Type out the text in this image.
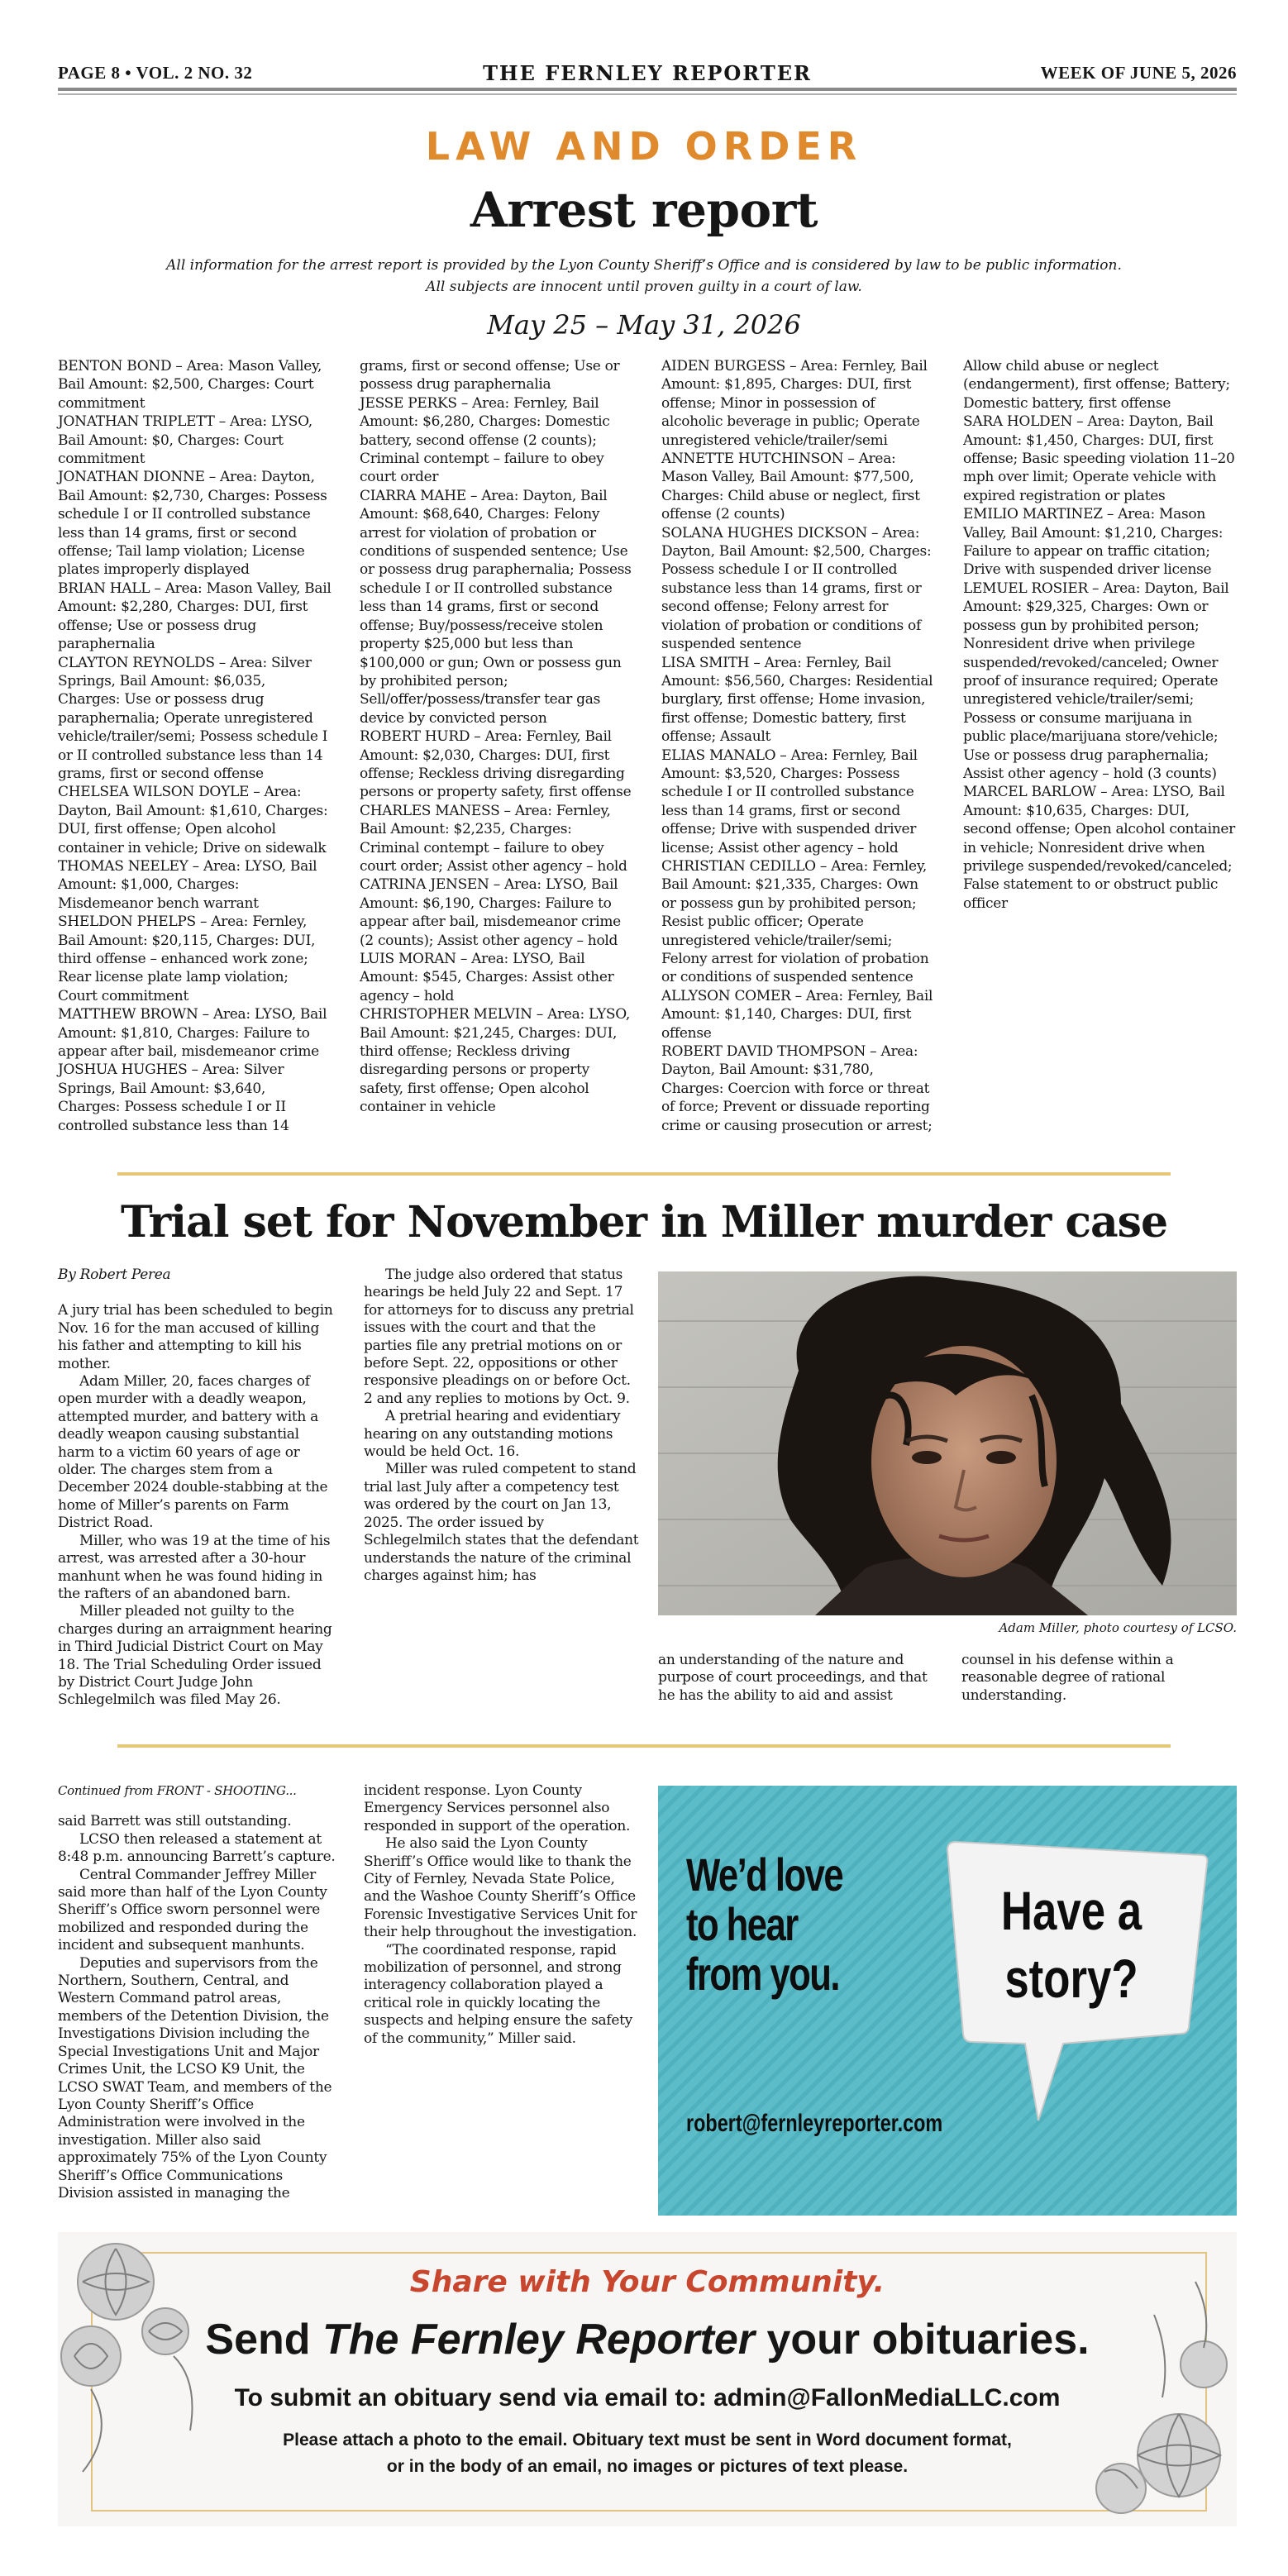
PAGE 8 • VOL. 2 NO. 32	THE FERNLEY REPORTER	WEEK OF JUNE 5, 2026
LAW AND ORDER
Arrest report
All information for the arrest report is provided by the Lyon County Sheriff’s Office and is considered by law to be public information.
All subjects are innocent until proven guilty in a court of law.
May 25 – May 31, 2026

BENTON BOND – Area: Mason Valley, Bail Amount: $2,500, Charges: Court commitment

JONATHAN TRIPLETT – Area: LYSO, Bail Amount: $0, Charges: Court commitment

JONATHAN DIONNE – Area: Dayton, Bail Amount: $2,730, Charges: Possess schedule I or II controlled substance less than 14 grams, first or second offense; Tail lamp violation; License plates improperly displayed

BRIAN HALL – Area: Mason Valley, Bail Amount: $2,280, Charges: DUI, first offense; Use or possess drug paraphernalia

CLAYTON REYNOLDS – Area: Silver Springs, Bail Amount: $6,035, Charges: Use or possess drug paraphernalia; Operate unregistered vehicle/trailer/semi; Possess schedule I or II controlled substance less than 14 grams, first or second offense

CHELSEA WILSON DOYLE – Area: Dayton, Bail Amount: $1,610, Charges: DUI, first offense; Open alcohol container in vehicle; Drive on sidewalk

THOMAS NEELEY – Area: LYSO, Bail Amount: $1,000, Charges: Misdemeanor bench warrant

SHELDON PHELPS – Area: Fernley, Bail Amount: $20,115, Charges: DUI, third offense – enhanced work zone; Rear license plate lamp violation; Court commitment

MATTHEW BROWN – Area: LYSO, Bail Amount: $1,810, Charges: Failure to appear after bail, misdemeanor crime

JOSHUA HUGHES – Area: Silver Springs, Bail Amount: $3,640, Charges: Possess schedule I or II controlled substance less than 14 grams, first or second offense; Use or possess drug paraphernalia

JESSE PERKS – Area: Fernley, Bail Amount: $6,280, Charges: Domestic battery, second offense (2 counts); Criminal contempt – failure to obey court order

CIARRA MAHE – Area: Dayton, Bail Amount: $68,640, Charges: Felony arrest for violation of probation or conditions of suspended sentence; Use or possess drug paraphernalia; Possess schedule I or II controlled substance less than 14 grams, first or second offense; Buy/possess/receive stolen property $25,000 but less than $100,000 or gun; Own or possess gun by prohibited person; Sell/offer/possess/transfer tear gas device by convicted person

ROBERT HURD – Area: Fernley, Bail Amount: $2,030, Charges: DUI, first offense; Reckless driving disregarding persons or property safety, first offense

CHARLES MANESS – Area: Fernley, Bail Amount: $2,235, Charges: Criminal contempt – failure to obey court order; Assist other agency – hold

CATRINA JENSEN – Area: LYSO, Bail Amount: $6,190, Charges: Failure to appear after bail, misdemeanor crime (2 counts); Assist other agency – hold

LUIS MORAN – Area: LYSO, Bail Amount: $545, Charges: Assist other agency – hold

CHRISTOPHER MELVIN – Area: LYSO, Bail Amount: $21,245, Charges: DUI, third offense; Reckless driving disregarding persons or property safety, first offense; Open alcohol container in vehicle

AIDEN BURGESS – Area: Fernley, Bail Amount: $1,895, Charges: DUI, first offense; Minor in possession of alcoholic beverage in public; Operate unregistered vehicle/trailer/semi

ANNETTE HUTCHINSON – Area: Mason Valley, Bail Amount: $77,500, Charges: Child abuse or neglect, first offense (2 counts)

SOLANA HUGHES DICKSON – Area: Dayton, Bail Amount: $2,500, Charges: Possess schedule I or II controlled substance less than 14 grams, first or second offense; Felony arrest for violation of probation or conditions of suspended sentence

LISA SMITH – Area: Fernley, Bail Amount: $56,560, Charges: Residential burglary, first offense; Home invasion, first offense; Domestic battery, first offense; Assault

ELIAS MANALO – Area: Fernley, Bail Amount: $3,520, Charges: Possess schedule I or II controlled substance less than 14 grams, first or second offense; Drive with suspended driver license; Assist other agency – hold

CHRISTIAN CEDILLO – Area: Fernley, Bail Amount: $21,335, Charges: Own or possess gun by prohibited person; Resist public officer; Operate unregistered vehicle/trailer/semi; Felony arrest for violation of probation or conditions of suspended sentence

ALLYSON COMER – Area: Fernley, Bail Amount: $1,140, Charges: DUI, first offense

ROBERT DAVID THOMPSON – Area: Dayton, Bail Amount: $31,780, Charges: Coercion with force or threat of force; Prevent or dissuade reporting crime or causing prosecution or arrest; Allow child abuse or neglect (endangerment), first offense; Battery; Domestic battery, first offense

SARA HOLDEN – Area: Dayton, Bail Amount: $1,450, Charges: DUI, first offense; Basic speeding violation 11–20 mph over limit; Operate vehicle with expired registration or plates

EMILIO MARTINEZ – Area: Mason Valley, Bail Amount: $1,210, Charges: Failure to appear on traffic citation; Drive with suspended driver license

LEMUEL ROSIER – Area: Dayton, Bail Amount: $29,325, Charges: Own or possess gun by prohibited person; Nonresident drive when privilege suspended/revoked/canceled; Owner proof of insurance required; Operate unregistered vehicle/trailer/semi; Possess or consume marijuana in public place/marijuana store/vehicle; Use or possess drug paraphernalia; Assist other agency – hold (3 counts)

MARCEL BARLOW – Area: LYSO, Bail Amount: $10,635, Charges: DUI, second offense; Open alcohol container in vehicle; Nonresident drive when privilege suspended/revoked/canceled; False statement to or obstruct public officer

Trial set for November in Miller murder case

By Robert Perea

A jury trial has been scheduled to begin Nov. 16 for the man accused of killing his father and attempting to kill his mother.

Adam Miller, 20, faces charges of open murder with a deadly weapon, attempted murder, and battery with a deadly weapon causing substantial harm to a victim 60 years of age or older. The charges stem from a December 2024 double-stabbing at the home of Miller’s parents on Farm District Road.

Miller, who was 19 at the time of his arrest, was arrested after a 30-hour manhunt when he was found hiding in the rafters of an abandoned barn.

Miller pleaded not guilty to the charges during an arraignment hearing in Third Judicial District Court on May 18. The Trial Scheduling Order issued by District Court Judge John Schlegelmilch was filed May 26.

The judge also ordered that status hearings be held July 22 and Sept. 17 for attorneys for to discuss any pretrial issues with the court and that the parties file any pretrial motions on or before Sept. 22, oppositions or other responsive pleadings on or before Oct. 2 and any replies to motions by Oct. 9.

A pretrial hearing and evidentiary hearing on any outstanding motions would be held Oct. 16.

Miller was ruled competent to stand trial last July after a competency test was ordered by the court on Jan 13, 2025. The order issued by Schlegelmilch states that the defendant understands the nature of the criminal charges against him; has

Adam Miller, photo courtesy of LCSO.

an understanding of the nature and purpose of court proceedings, and that he has the ability to aid and assist counsel in his defense within a reasonable degree of rational understanding.

Continued from FRONT - SHOOTING...

said Barrett was still outstanding.

LCSO then released a statement at 8:48 p.m. announcing Barrett’s capture.

Central Commander Jeffrey Miller said more than half of the Lyon County Sheriff’s Office sworn personnel were mobilized and responded during the incident and subsequent manhunts.

Deputies and supervisors from the Northern, Southern, Central, and Western Command patrol areas, members of the Detention Division, the Investigations Division including the Special Investigations Unit and Major Crimes Unit, the LCSO K9 Unit, the LCSO SWAT Team, and members of the Lyon County Sheriff’s Office Administration were involved in the investigation. Miller also said approximately 75% of the Lyon County Sheriff’s Office Communications Division assisted in managing the incident response. Lyon County Emergency Services personnel also responded in support of the operation.

He also said the Lyon County Sheriff’s Office would like to thank the City of Fernley, Nevada State Police, and the Washoe County Sheriff’s Office Forensic Investigative Services Unit for their help throughout the investigation.

“The coordinated response, rapid mobilization of personnel, and strong interagency collaboration played a critical role in quickly locating the suspects and helping ensure the safety of the community,” Miller said.

We’d love
to hear
from you.
robert@fernleyreporter.com
Have a
story?
Share with Your Community.
Send The Fernley Reporter your obituaries.
To submit an obituary send via email to: admin@FallonMediaLLC.com
Please attach a photo to the email. Obituary text must be sent in Word document format,
or in the body of an email, no images or pictures of text please.
